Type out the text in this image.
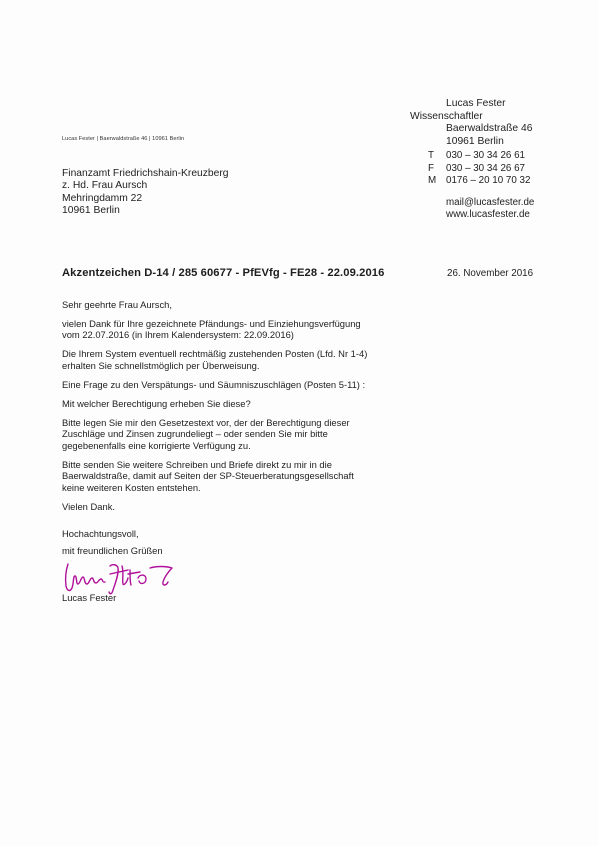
Lucas Fester
Wissenschaftler
Baerwaldstraße 46
10961 Berlin
Lucas Fester | Baerwaldstraße 46 | 10961 Berlin
Finanzamt Friedrichshain-Kreuzberg
z. Hd. Frau Aursch
Mehringdamm 22
10961 Berlin
T 030 – 30 34 26 61
F 030 – 30 34 26 67
M 0176 – 20 10 70 32
mail@lucasfester.de
www.lucasfester.de
Akzentzeichen D-14 / 285 60677 - PfEVfg - FE28 - 22.09.2016	26. November 2016

Sehr geehrte Frau Aursch,

vielen Dank für Ihre gezeichnete Pfändungs- und Einziehungsverfügung
vom 22.07.2016 (in Ihrem Kalendersystem: 22.09.2016)

Die Ihrem System eventuell rechtmäßig zustehenden Posten (Lfd. Nr 1-4)
erhalten Sie schnellstmöglich per Überweisung.

Eine Frage zu den Verspätungs- und Säumniszuschlägen (Posten 5-11) :

Mit welcher Berechtigung erheben Sie diese?

Bitte legen Sie mir den Gesetzestext vor, der der Berechtigung dieser
Zuschläge und Zinsen zugrundeliegt – oder senden Sie mir bitte
gegebenenfalls eine korrigierte Verfügung zu.

Bitte senden Sie weitere Schreiben und Briefe direkt zu mir in die
Baerwaldstraße, damit auf Seiten der SP-Steuerberatungsgesellschaft
keine weiteren Kosten entstehen.

Vielen Dank.

Hochachtungsvoll,

mit freundlichen Grüßen

Lucas Fester
